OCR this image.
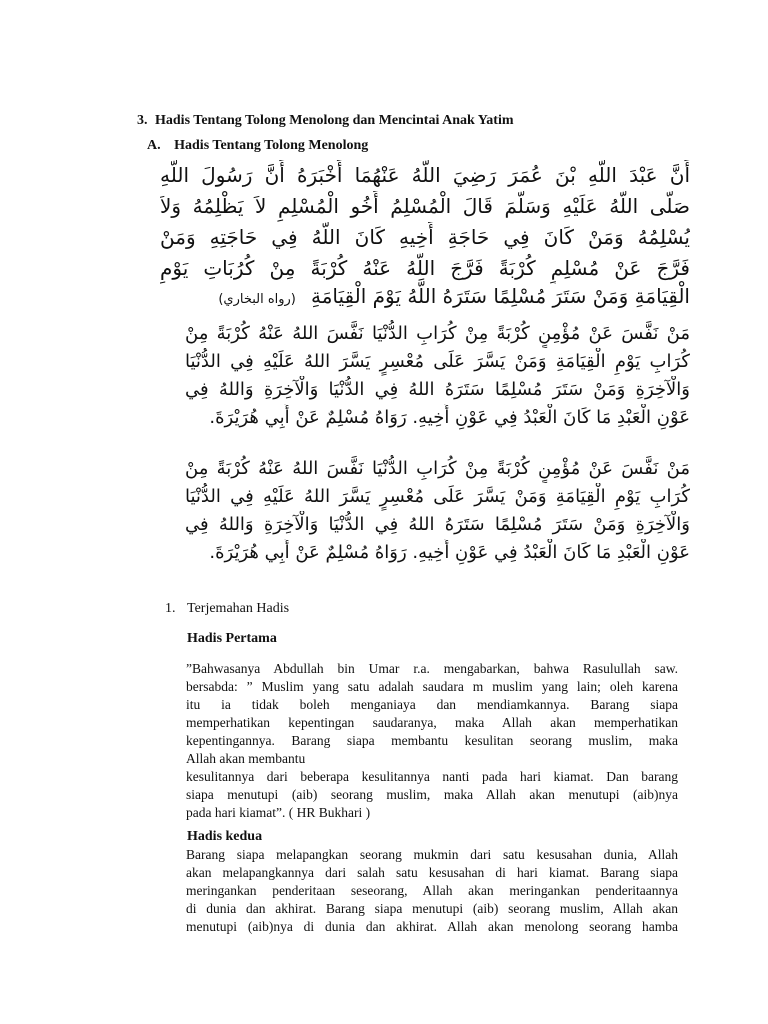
3. Hadis Tentang Tolong Menolong dan Mencintai Anak Yatim
A. Hadis Tentang Tolong Menolong
أَنَّ عَبْدَ اللَّهِ بْنَ عُمَرَ رَضِيَ اللَّهُ عَنْهُمَا أَخْبَرَهُ أَنَّ رَسُولَ اللَّهِ
صَلَّى اللَّهُ عَلَيْهِ وَسَلَّمَ قَالَ الْمُسْلِمُ أَخُو الْمُسْلِمِ لاَ يَظْلِمُهُ وَلاَ
يُسْلِمُهُ وَمَنْ كَانَ فِي حَاجَةِ أَخِيهِ كَانَ اللَّهُ فِي حَاجَتِهِ وَمَنْ
فَرَّجَ عَنْ مُسْلِمٍ كُرْبَةً فَرَّجَ اللَّهُ عَنْهُ كُرْبَةً مِنْ كُرُبَاتِ يَوْمِ
الْقِيَامَةِ وَمَنْ سَتَرَ مُسْلِمًا سَتَرَهُ اللَّهُ يَوْمَ الْقِيَامَةِ (رواه البخاري)
مَنْ نَفَّسَ عَنْ مُؤْمِنٍ كُرْبَةً مِنْ كُرَابِ الدُّنْيَا نَفَّسَ اللهُ عَنْهُ كُرْبَةً مِنْ
كُرَابِ يَوْمِ الْقِيَامَةِ وَمَنْ يَسَّرَ عَلَى مُعْسِرٍ يَسَّرَ اللهُ عَلَيْهِ فِي الدُّنْيَا
وَالْآخِرَةِ وَمَنْ سَتَرَ مُسْلِمًا سَتَرَهُ اللهُ فِي الدُّنْيَا وَالْآخِرَةِ وَاللهُ فِي
عَوْنِ الْعَبْدِ مَا كَانَ الْعَبْدُ فِي عَوْنِ أَخِيهِ. رَوَاهُ مُسْلِمٌ عَنْ أَبِي هُرَيْرَةَ.
مَنْ نَفَّسَ عَنْ مُؤْمِنٍ كُرْبَةً مِنْ كُرَابِ الدُّنْيَا نَفَّسَ اللهُ عَنْهُ كُرْبَةً مِنْ
كُرَابِ يَوْمِ الْقِيَامَةِ وَمَنْ يَسَّرَ عَلَى مُعْسِرٍ يَسَّرَ اللهُ عَلَيْهِ فِي الدُّنْيَا
وَالْآخِرَةِ وَمَنْ سَتَرَ مُسْلِمًا سَتَرَهُ اللهُ فِي الدُّنْيَا وَالْآخِرَةِ وَاللهُ فِي
عَوْنِ الْعَبْدِ مَا كَانَ الْعَبْدُ فِي عَوْنِ أَخِيهِ. رَوَاهُ مُسْلِمٌ عَنْ أَبِي هُرَيْرَةَ.
1. Terjemahan Hadis
Hadis Pertama
”Bahwasanya Abdullah bin Umar r.a. mengabarkan, bahwa Rasulullah saw.
bersabda: ” Muslim yang satu adalah saudara m muslim yang lain; oleh karena
itu ia tidak boleh menganiaya dan mendiamkannya. Barang siapa
memperhatikan kepentingan saudaranya, maka Allah akan memperhatikan
kepentingannya. Barang siapa membantu kesulitan seorang muslim, maka
Allah akan membantu
kesulitannya dari beberapa kesulitannya nanti pada hari kiamat. Dan barang
siapa menutupi (aib) seorang muslim, maka Allah akan menutupi (aib)nya
pada hari kiamat”. ( HR Bukhari )
Hadis kedua
Barang siapa melapangkan seorang mukmin dari satu kesusahan dunia, Allah
akan melapangkannya dari salah satu kesusahan di hari kiamat. Barang siapa
meringankan penderitaan seseorang, Allah akan meringankan penderitaannya
di dunia dan akhirat. Barang siapa menutupi (aib) seorang muslim, Allah akan
menutupi (aib)nya di dunia dan akhirat. Allah akan menolong seorang hamba
